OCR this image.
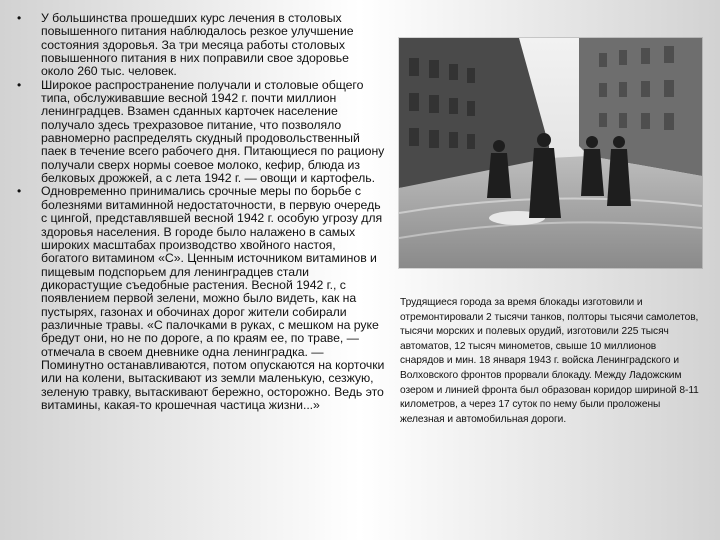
• У большинства прошедших курс лечения в столовых повышенного питания наблюдалось резкое улучшение состояния здоровья. За три месяца работы столовых повышенного питания в них поправили свое здоровье около 260 тыс. человек.
• Широкое распространение получали и столовые общего типа, обслуживавшие весной 1942 г. почти миллион ленинградцев. Взамен сданных карточек население получало здесь трехразовое питание, что позволяло равномерно распределять скудный продовольственный паек в течение всего рабочего дня. Питающиеся по рациону получали сверх нормы соевое молоко, кефир, блюда из белковых дрожжей, а с лета 1942 г. — овощи и картофель.
• Одновременно принимались срочные меры по борьбе с болезнями витаминной недостаточности, в первую очередь с цингой, представлявшей весной 1942 г. особую угрозу для здоровья населения. В городе было налажено в самых широких масштабах производство хвойного настоя, богатого витамином «С». Ценным источником витаминов и пищевым подспорьем для ленинградцев стали дикорастущие съедобные растения. Весной 1942 г., с появлением первой зелени, можно было видеть, как на пустырях, газонах и обочинах дорог жители собирали различные травы. «С палочками в руках, с мешком на руке бредут они, но не по дороге, а по краям ее, по траве, — отмечала в своем дневнике одна ленинградка. — Поминутно останавливаются, потом опускаются на корточки или на колени, вытаскивают из земли маленькую, сезжую, зеленую травку, вытаскивают бережно, осторожно. Ведь это витамины, какая-то крошечная частица жизни...»
Трудящиеся города за время блокады изготовили и отремонтировали 2 тысячи танков, полторы тысячи самолетов, тысячи морских и полевых орудий, изготовили 225 тысяч автоматов, 12 тысяч минометов, свыше 10 миллионов снарядов и мин. 18 января 1943 г. войска Ленинградского и Волховского фронтов прорвали блокаду. Между Ладожским озером и линией фронта был образован коридор шириной 8-11 километров, а через 17 суток по нему были проложены железная и автомобильная дороги.
